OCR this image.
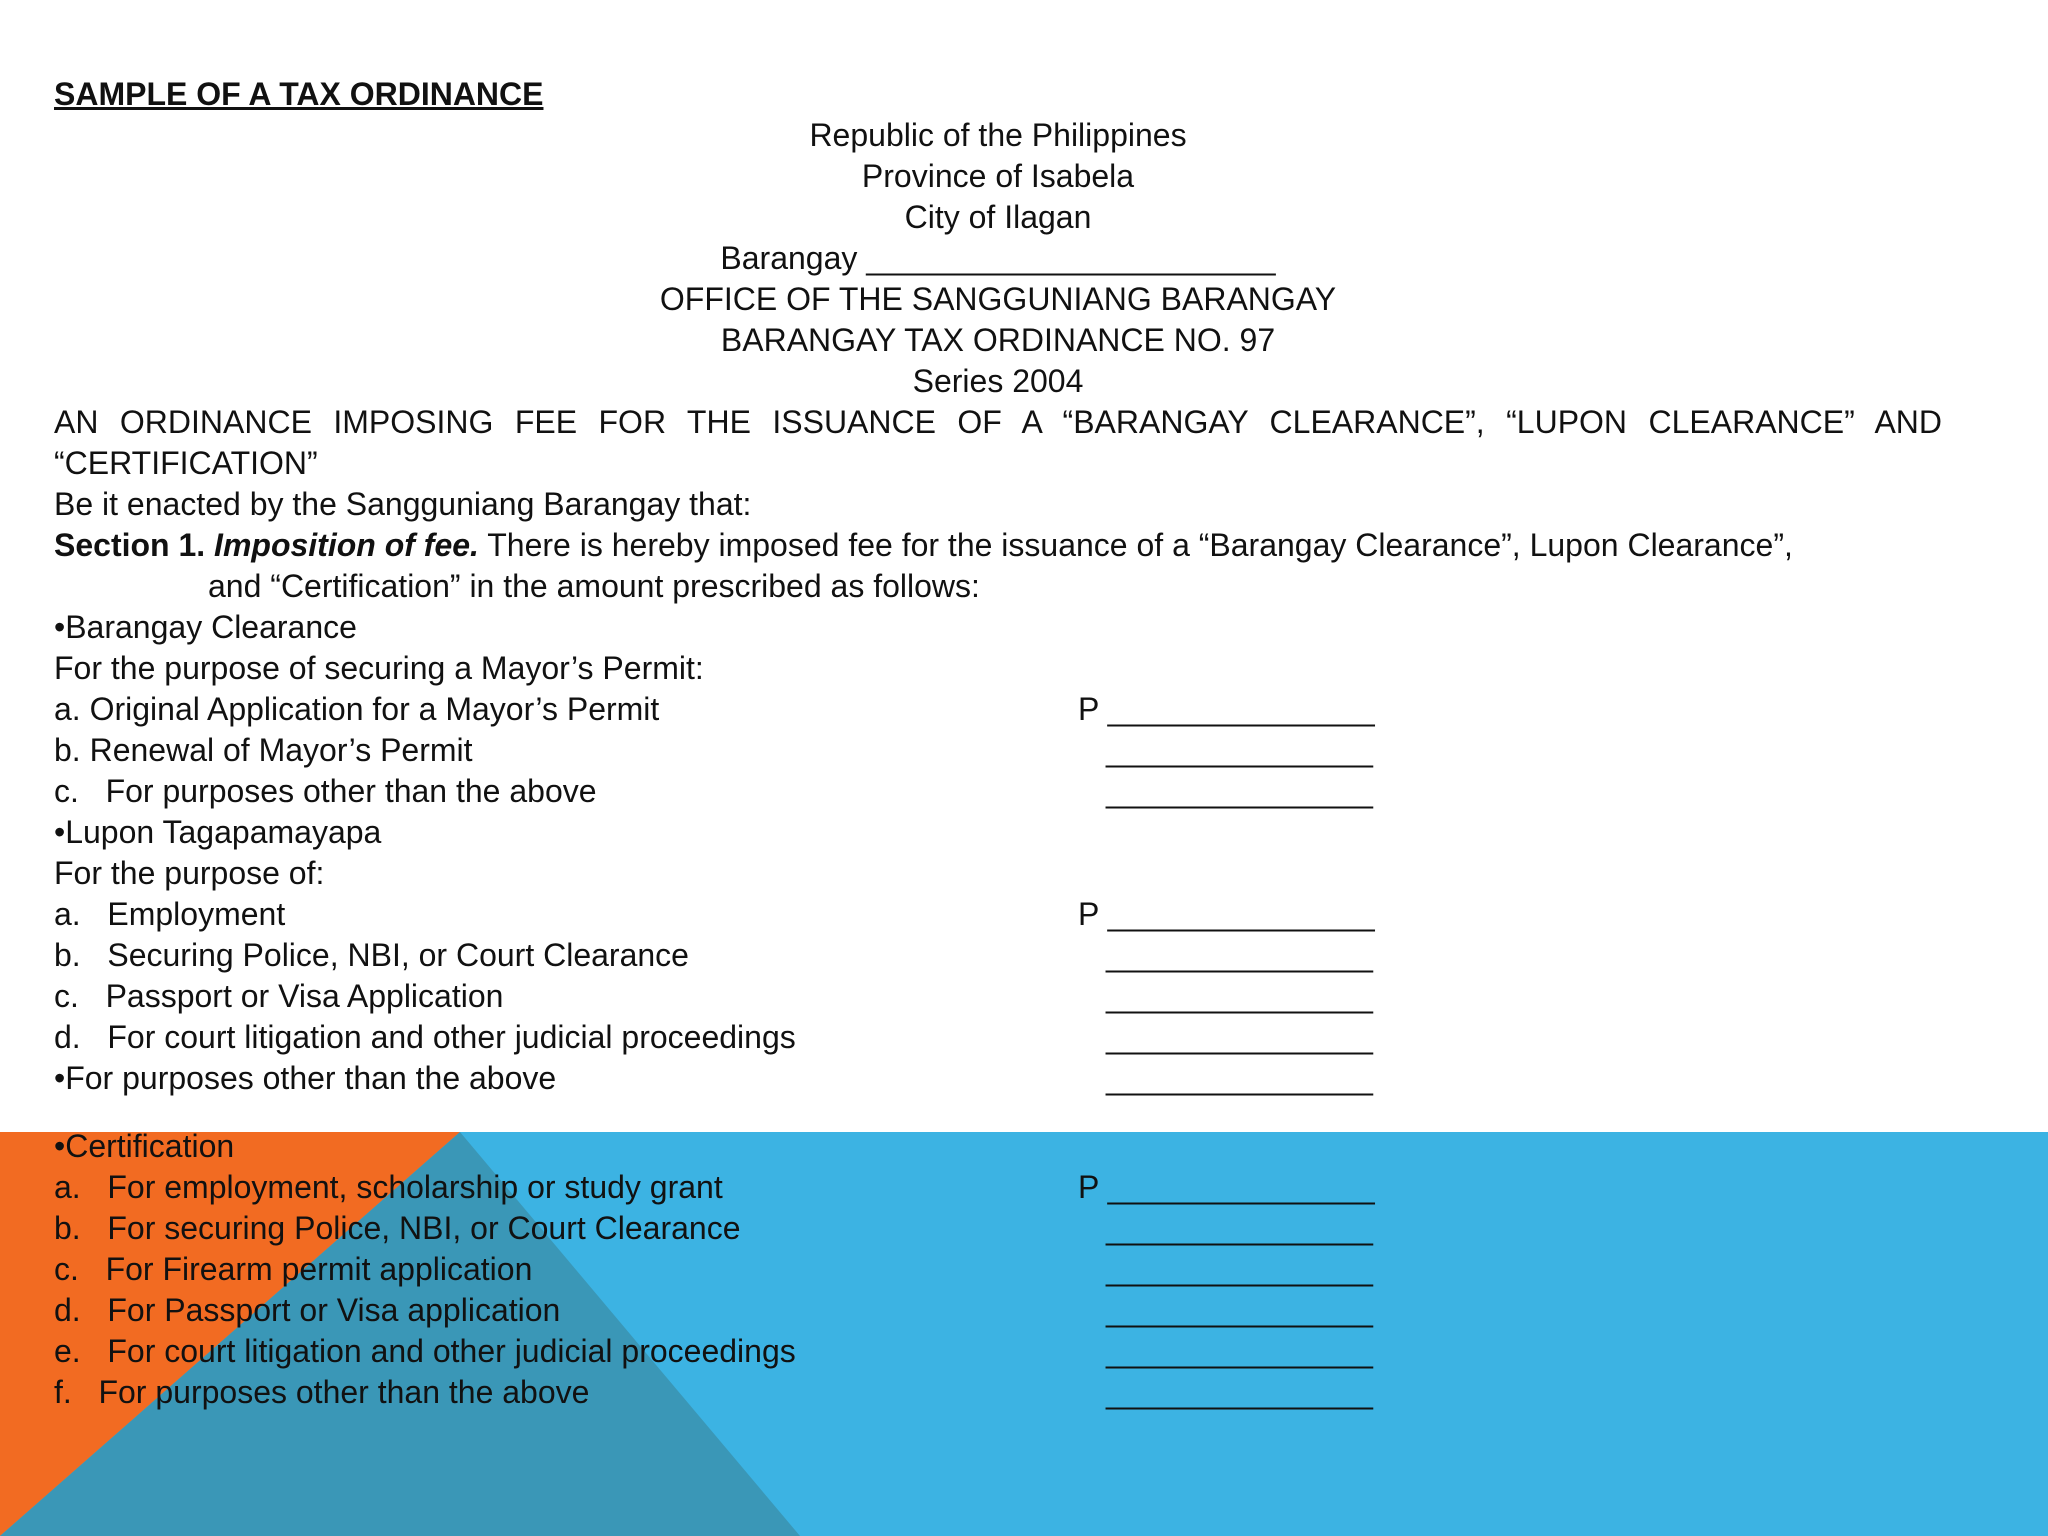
SAMPLE OF A TAX ORDINANCE
Republic of the Philippines
Province of Isabela
City of Ilagan
Barangay _______________________
OFFICE OF THE SANGGUNIANG BARANGAY
BARANGAY TAX ORDINANCE NO. 97
Series 2004
AN ORDINANCE IMPOSING FEE FOR THE ISSUANCE OF A “BARANGAY CLEARANCE”, “LUPON CLEARANCE” AND
“CERTIFICATION”
Be it enacted by the Sangguniang Barangay that:
Section 1. Imposition of fee. There is hereby imposed fee for the issuance of a “Barangay Clearance”, Lupon Clearance”,
and “Certification” in the amount prescribed as follows:
•Barangay Clearance
For the purpose of securing a Mayor’s Permit:
a. Original Application for a Mayor’s Permit	P _______________
b. Renewal of Mayor’s Permit	_______________
c.   For purposes other than the above	_______________
•Lupon Tagapamayapa
For the purpose of:
a.   Employment	P _______________
b.   Securing Police, NBI, or Court Clearance	_______________
c.   Passport or Visa Application	_______________
d.   For court litigation and other judicial proceedings	_______________
•For purposes other than the above	_______________
•Certification
a.   For employment, scholarship or study grant	P _______________
b.   For securing Police, NBI, or Court Clearance	_______________
c.   For Firearm permit application	_______________
d.   For Passport or Visa application	_______________
e.   For court litigation and other judicial proceedings	_______________
f.   For purposes other than the above	_______________
